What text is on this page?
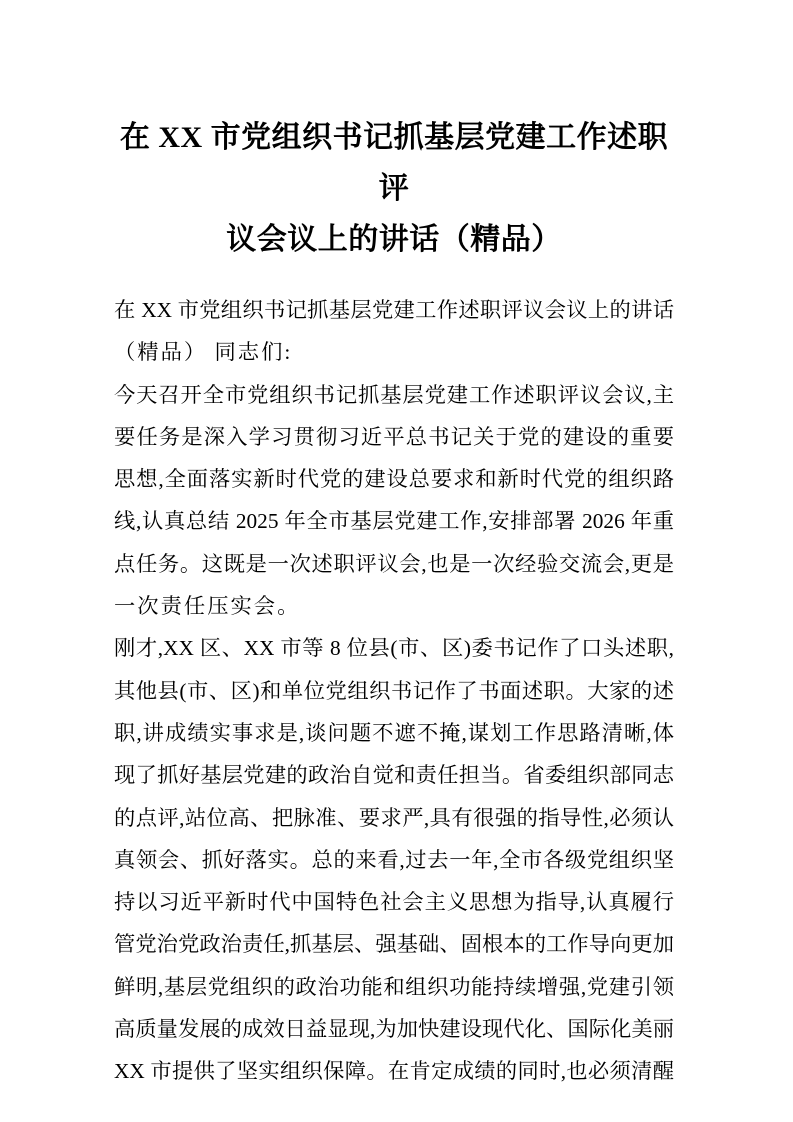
在 XX 市党组织书记抓基层党建工作述职评
议会议上的讲话（精品）
在 XX 市党组织书记抓基层党建工作述职评议会议上的讲话
（精品） 同志们:
今天召开全市党组织书记抓基层党建工作述职评议会议,主
要任务是深入学习贯彻习近平总书记关于党的建设的重要
思想,全面落实新时代党的建设总要求和新时代党的组织路
线,认真总结 2025 年全市基层党建工作,安排部署 2026 年重
点任务。这既是一次述职评议会,也是一次经验交流会,更是
一次责任压实会。
刚才,XX 区、XX 市等 8 位县(市、区)委书记作了口头述职,
其他县(市、区)和单位党组织书记作了书面述职。大家的述
职,讲成绩实事求是,谈问题不遮不掩,谋划工作思路清晰,体
现了抓好基层党建的政治自觉和责任担当。省委组织部同志
的点评,站位高、把脉准、要求严,具有很强的指导性,必须认
真领会、抓好落实。总的来看,过去一年,全市各级党组织坚
持以习近平新时代中国特色社会主义思想为指导,认真履行
管党治党政治责任,抓基层、强基础、固根本的工作导向更加
鲜明,基层党组织的政治功能和组织功能持续增强,党建引领
高质量发展的成效日益显现,为加快建设现代化、国际化美丽
XX 市提供了坚实组织保障。在肯定成绩的同时,也必须清醒
